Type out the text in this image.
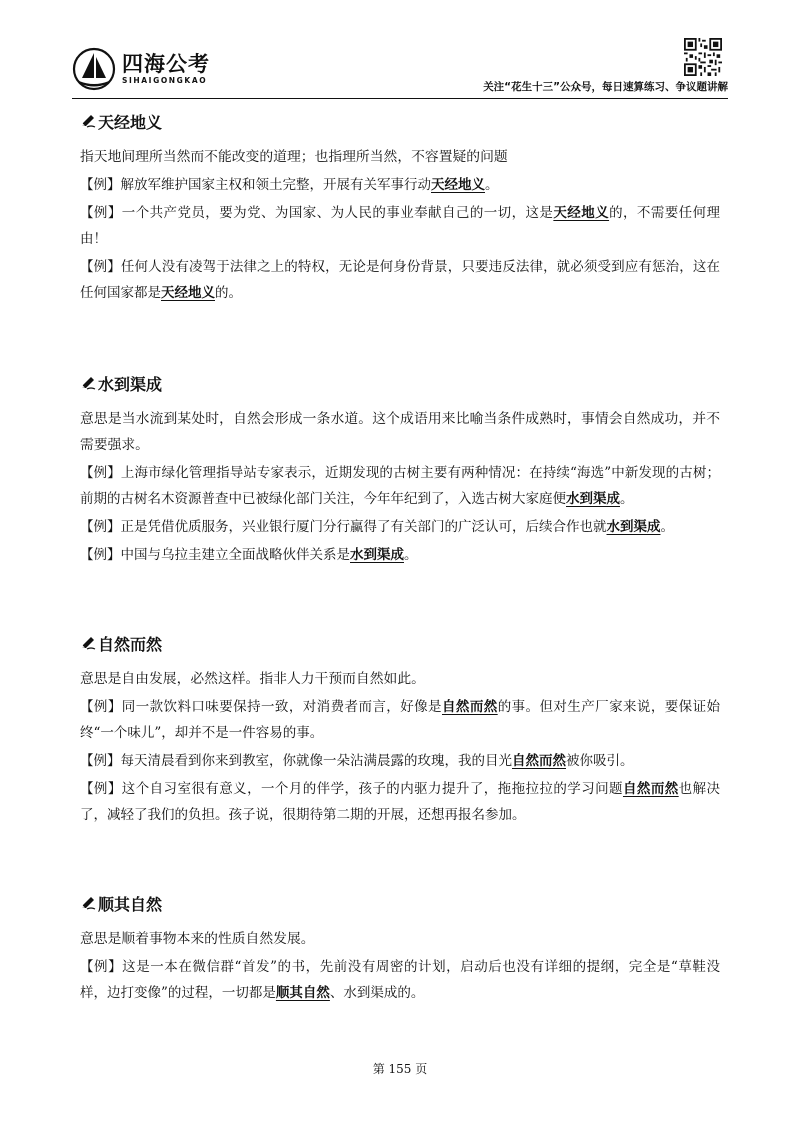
四海公考
SIHAIGONGKAO
关注“花生十三”公众号，每日速算练习、争议题讲解
天经地义

指天地间理所当然而不能改变的道理；也指理所当然，不容置疑的问题

【例】解放军维护国家主权和领土完整，开展有关军事行动天经地义。

【例】一个共产党员，要为党、为国家、为人民的事业奉献自己的一切，这是天经地义的，不需要任何理由！

【例】任何人没有凌驾于法律之上的特权，无论是何身份背景，只要违反法律，就必须受到应有惩治，这在任何国家都是天经地义的。

水到渠成

意思是当水流到某处时，自然会形成一条水道。这个成语用来比喻当条件成熟时，事情会自然成功，并不需要强求。

【例】上海市绿化管理指导站专家表示，近期发现的古树主要有两种情况：在持续“海选”中新发现的古树；前期的古树名木资源普查中已被绿化部门关注，今年年纪到了，入选古树大家庭便水到渠成。

【例】正是凭借优质服务，兴业银行厦门分行赢得了有关部门的广泛认可，后续合作也就水到渠成。

【例】中国与乌拉圭建立全面战略伙伴关系是水到渠成。

自然而然

意思是自由发展，必然这样。指非人力干预而自然如此。

【例】同一款饮料口味要保持一致，对消费者而言，好像是自然而然的事。但对生产厂家来说，要保证始终“一个味儿”，却并不是一件容易的事。

【例】每天清晨看到你来到教室，你就像一朵沾满晨露的玫瑰，我的目光自然而然被你吸引。

【例】这个自习室很有意义，一个月的伴学，孩子的内驱力提升了，拖拖拉拉的学习问题自然而然也解决了，减轻了我们的负担。孩子说，很期待第二期的开展，还想再报名参加。

顺其自然

意思是顺着事物本来的性质自然发展。

【例】这是一本在微信群“首发”的书，先前没有周密的计划，启动后也没有详细的提纲，完全是“草鞋没样，边打变像”的过程，一切都是顺其自然、水到渠成的。

第 155 页
